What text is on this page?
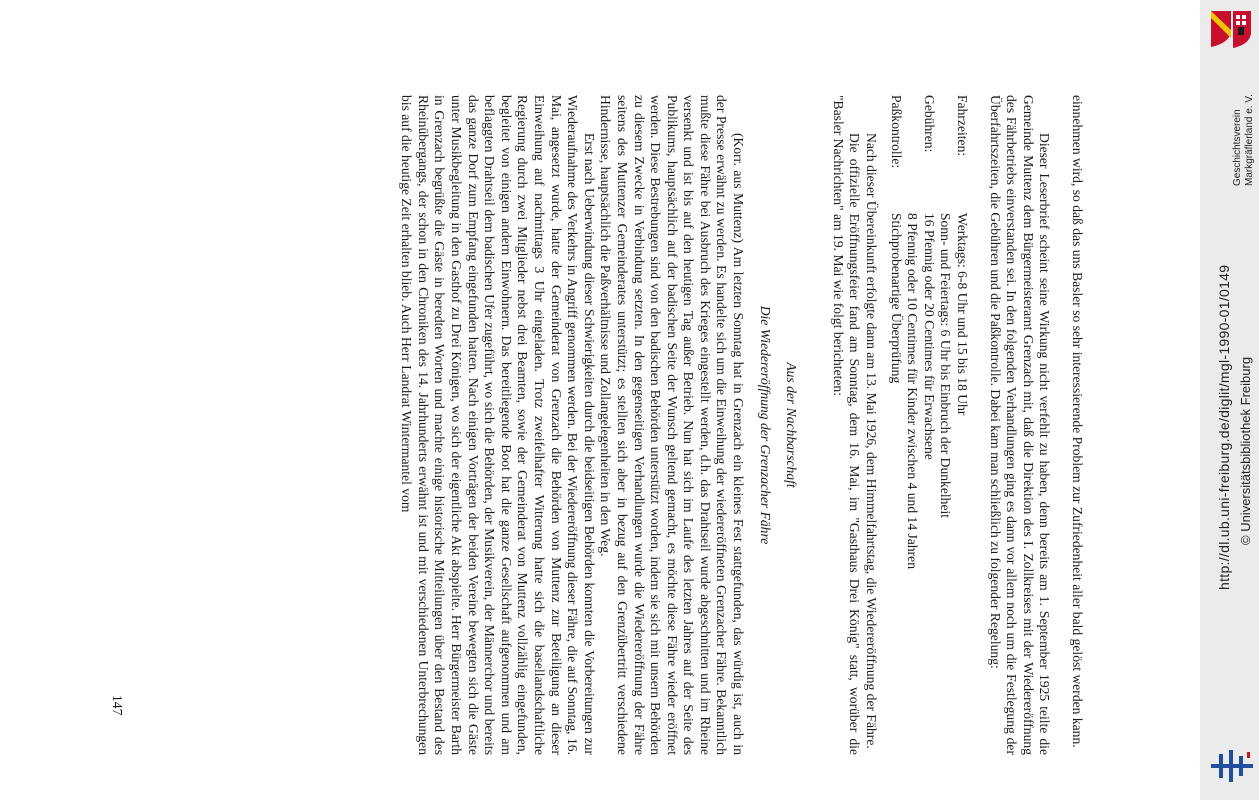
einnehmen wird, so daß das uns Basler so sehr interessierende Problem zur Zufriedenheit aller bald gelöst werden kann.

Dieser Leserbrief scheint seine Wirkung nicht verfehlt zu haben, denn bereits am 1. September 1925 teilte die Gemeinde Muttenz dem Bürgermeisteramt Grenzach mit, daß die Direktion des I. Zollkreises mit der Wiedereröffnung des Fährbetriebs einverstanden sei. In den folgenden Verhandlungen ging es dann vor allem noch um die Festlegung der Überfahrtszeiten, die Gebühren und die Paßkontrolle. Dabei kam man schließlich zu folgender Regelung:

Fahrzeiten:	Werktags: 6-8 Uhr und 15 bis 18 Uhr
Sonn- und Feiertags: 6 Uhr bis Einbruch der Dunkelheit

Gebühren:	16 Pfennig oder 20 Centimes für Erwachsene
8 Pfennig oder 10 Centimes für Kinder zwischen 4 und 14 Jahren

Paßkontrolle:	Stichprobenartige Überprüfung

Nach dieser Übereinkunft erfolgte dann am 13. Mai 1926, dem Himmelfahrtstag, die Wiedereröffnung der Fähre.

Die offizielle Eröffnungsfeier fand am Sonntag, dem 16. Mai, im "Gasthaus Drei König" statt, worüber die "Basler Nachrichten" am 19. Mai wie folgt berichteten:

Aus der Nachbarschaft
Die Wiedereröffnung der Grenzacher Fähre

(Korr. aus Muttenz) Am letzten Sonntag hat in Grenzach ein kleines Fest stattgefunden, das würdig ist, auch in der Presse erwähnt zu werden. Es handelte sich um die Einweihung der wiedereröffneten Grenzacher Fähre. Bekanntlich mußte diese Fähre bei Ausbruch des Krieges eingestellt werden, d.h. das Drahtseil wurde abgeschnitten und im Rheine versenkt und ist bis auf den heutigen Tag außer Betrieb. Nun hat sich im Laufe des letzten Jahres auf der Seite des Publikums, hauptsächlich auf der badischen Seite der Wunsch geltend gemacht, es möchte diese Fähre wieder eröffnet werden. Diese Bestrebungen sind von den badischen Behörden unterstützt worden, indem sie sich mit unsern Behörden zu diesem Zwecke in Verbindung setzten. In den gegenseitigen Verhandlungen wurde die Wiedereröffnung der Fähre seitens des Muttenzer Gemeinderates unterstützt; es stellten sich aber in bezug auf den Grenzübertritt verschiedene Hindernisse, hauptsächlich die Paßverhältnisse und Zollangelegenheiten in den Weg.

Erst nach Ueberwindung dieser Schwierigkeiten durch die beidseitigen Behörden konnten die Vorbereitungen zur Wiederaufnahme des Verkehrs in Angriff genommen werden. Bei der Wiedereröffnung dieser Fähre, die auf Sonntag, 16. Mai, angesetzt wurde, hatte der Gemeinderat von Grenzach die Behörden von Muttenz zur Beteiligung an dieser Einweihung auf nachmittags 3 Uhr eingeladen. Trotz zweifelhafter Witterung hatte sich die basellandschaftliche Regierung durch zwei Mitglieder nebst drei Beamten, sowie der Gemeinderat von Muttenz vollzählig eingefunden, begleitet von einigen andern Einwohnern. Das bereitliegende Boot hat die ganze Gesellschaft aufgenommen und am beflaggten Drahtseil dem badischen Ufer zugeführt, wo sich die Behörden, der Musikverein, der Männerchor und bereits das ganze Dorf zum Empfang eingefunden hatten. Nach einigen Vorträgen der beiden Vereine bewegten sich die Gäste unter Musikbegleitung in den Gasthof zu Drei Königen, wo sich der eigentliche Akt abspielte. Herr Bürgermeister Barth in Grenzach begrüßte die Gäste in beredten Worten und machte einige historische Mitteilungen über den Bestand des Rheinübergangs, der schon in den Chroniken des 14. Jahrhunderts erwähnt ist und mit verschiedenen Unterbrechungen bis auf die heutige Zeit erhalten blieb. Auch Herr Landrat Wintermantel vom

147
Geschichtsverein Markgräflerland e. V.
http://dl.ub.uni-freiburg.de/diglit/mgl-1990-01/0149 © Universitätsbibliothek Freiburg
